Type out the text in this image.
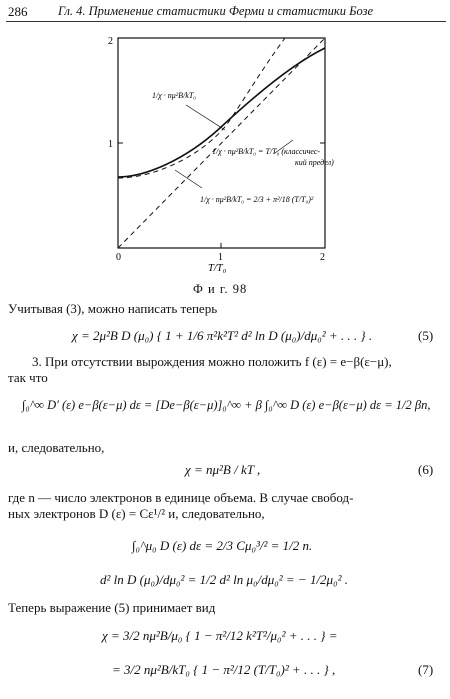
286 Гл. 4. Применение статистики Ферми и статистики Бозе
2
1
0	1	2
T/T₀
1/χ · nμ²B/kT₀
1/χ · nμ²B/kT₀ = T/T₀ (классичес-
кий предел)
1/χ · nμ²B/kT₀ = 2/3 + π²/18 (T/T₀)²
Ф и г. 98
Учитывая (3), можно написать теперь
χ = 2μ²B D (μ₀) { 1 + 1/6 π²k²T² d² ln D (μ₀)/dμ₀² + . . . } .	(5)
3. При отсутствии вырождения можно положить f (ε) = e−β(ε−μ),
так что
∫₀^∞ D′ (ε) e−β(ε−μ) dε = [De−β(ε−μ)]₀^∞ + β ∫₀^∞ D (ε) e−β(ε−μ) dε = 1/2 βn,
и, следовательно,
χ = nμ²B / kT ,	(6)
где n — число электронов в единице объема. В случае свобод-
ных электронов D (ε) = Cε¹/² и, следовательно,
∫₀^μ₀ D (ε) dε = 2/3 Cμ₀³/² = 1/2 n.
d² ln D (μ₀)/dμ₀² = 1/2 d² ln μ₀/dμ₀² = − 1/2μ₀² .
Теперь выражение (5) принимает вид
χ = 3/2 nμ²B/μ₀ { 1 − π²/12 k²T²/μ₀² + . . . } =
= 3/2 nμ²B/kT₀ { 1 − π²/12 (T/T₀)² + . . . } ,	(7)
